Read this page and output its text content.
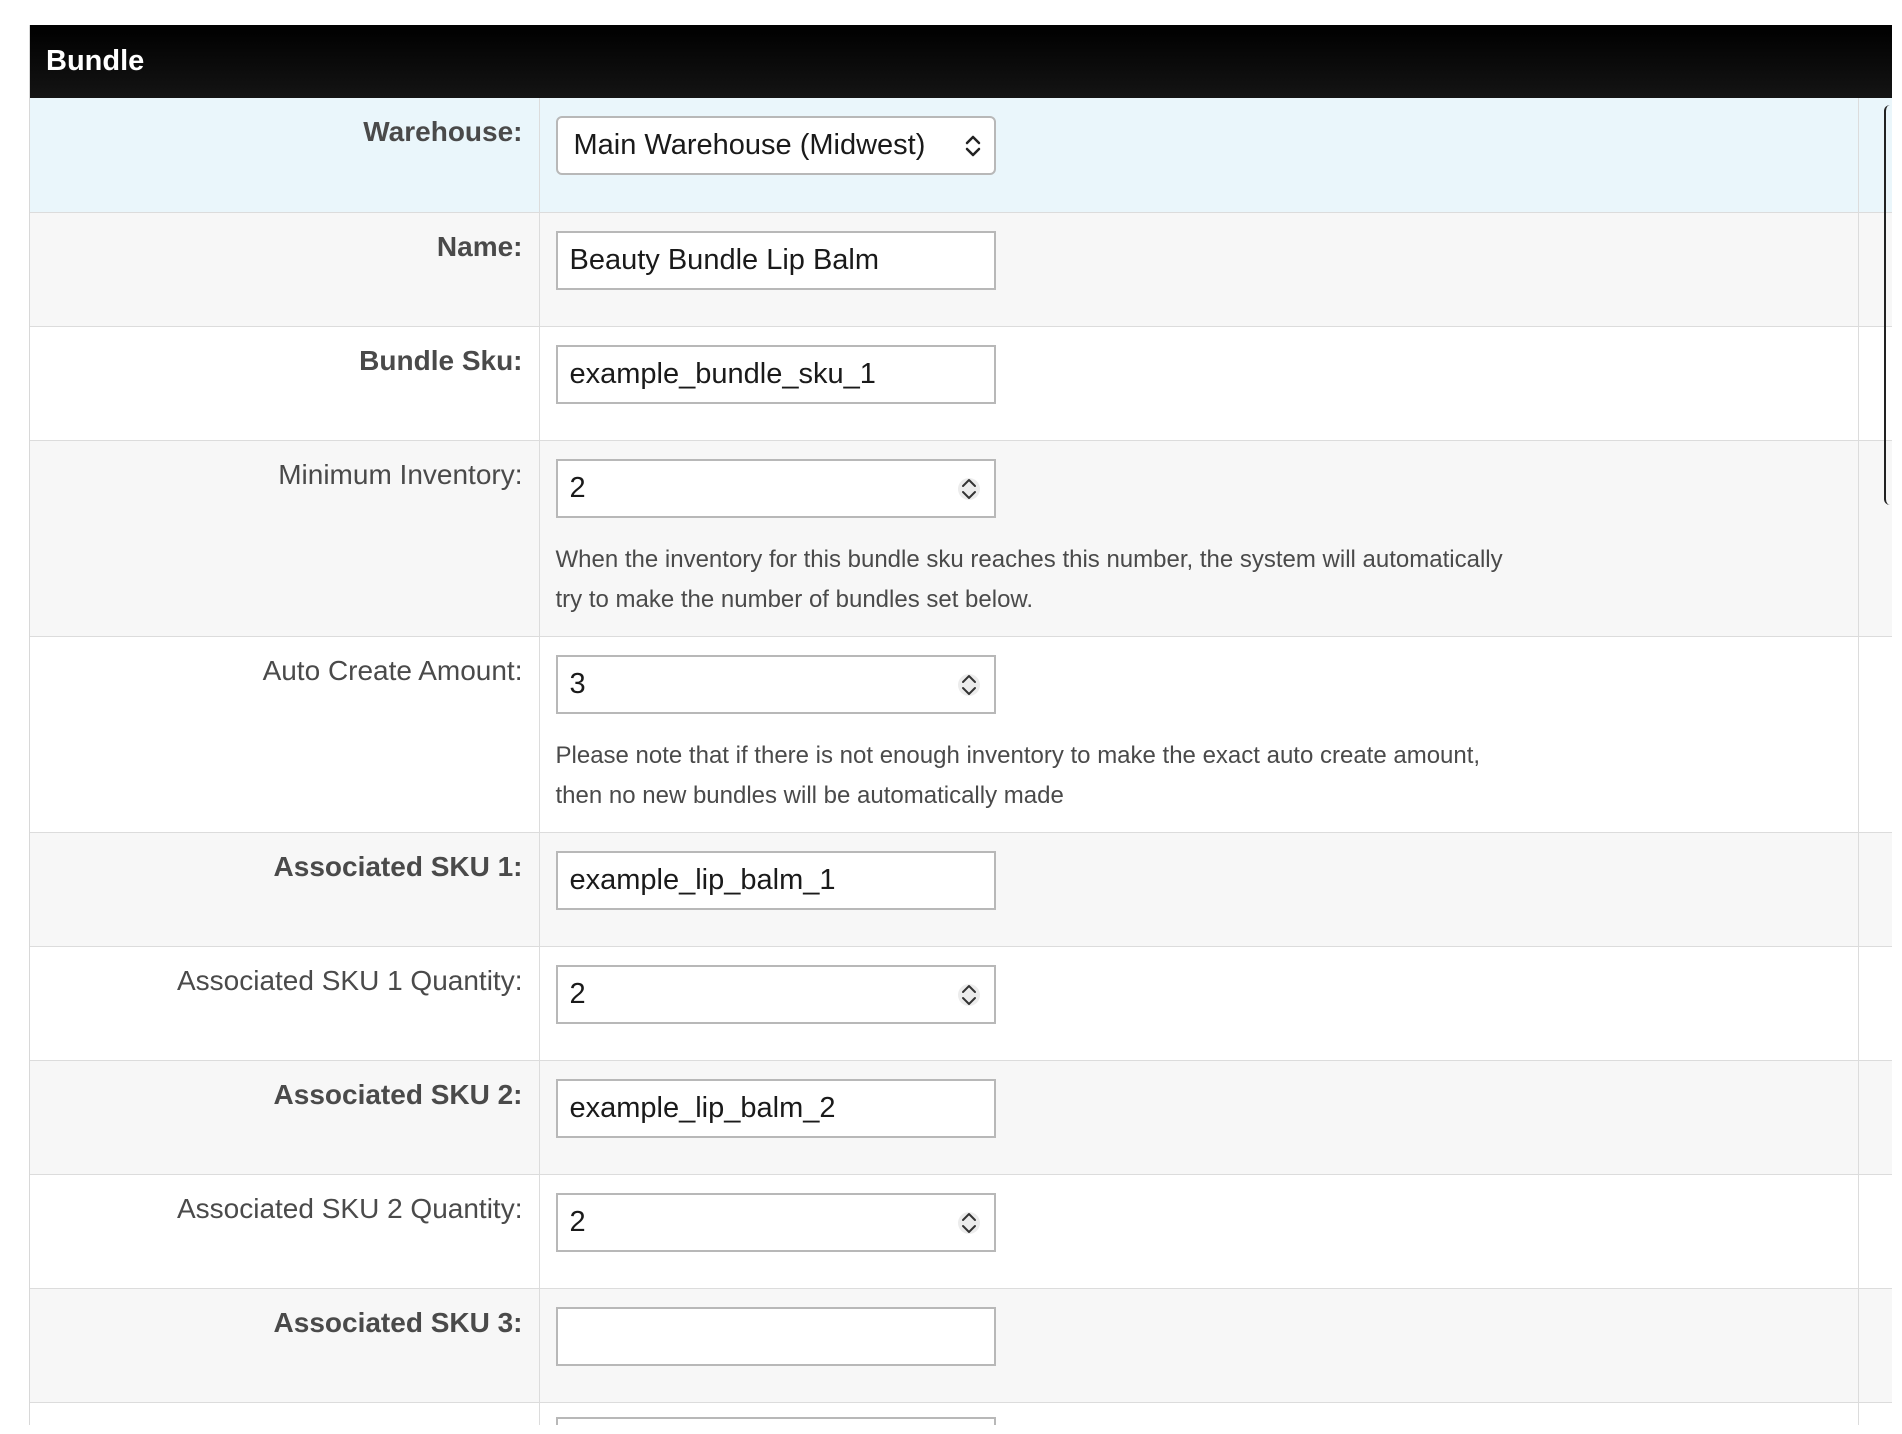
Bundle
Warehouse:	Main Warehouse (Midwest)	

Name:	Beauty Bundle Lip Balm	

Bundle Sku:	example_bundle_sku_1	

Minimum Inventory:	2
When the inventory for this bundle sku reaches this number, the system will automatically
try to make the number of bundles set below.	

Auto Create Amount:	3
Please note that if there is not enough inventory to make the exact auto create amount,
then no new bundles will be automatically made	

Associated SKU 1:	example_lip_balm_1	

Associated SKU 1 Quantity:	2	

Associated SKU 2:	example_lip_balm_2	

Associated SKU 2 Quantity:	2	

Associated SKU 3:	
